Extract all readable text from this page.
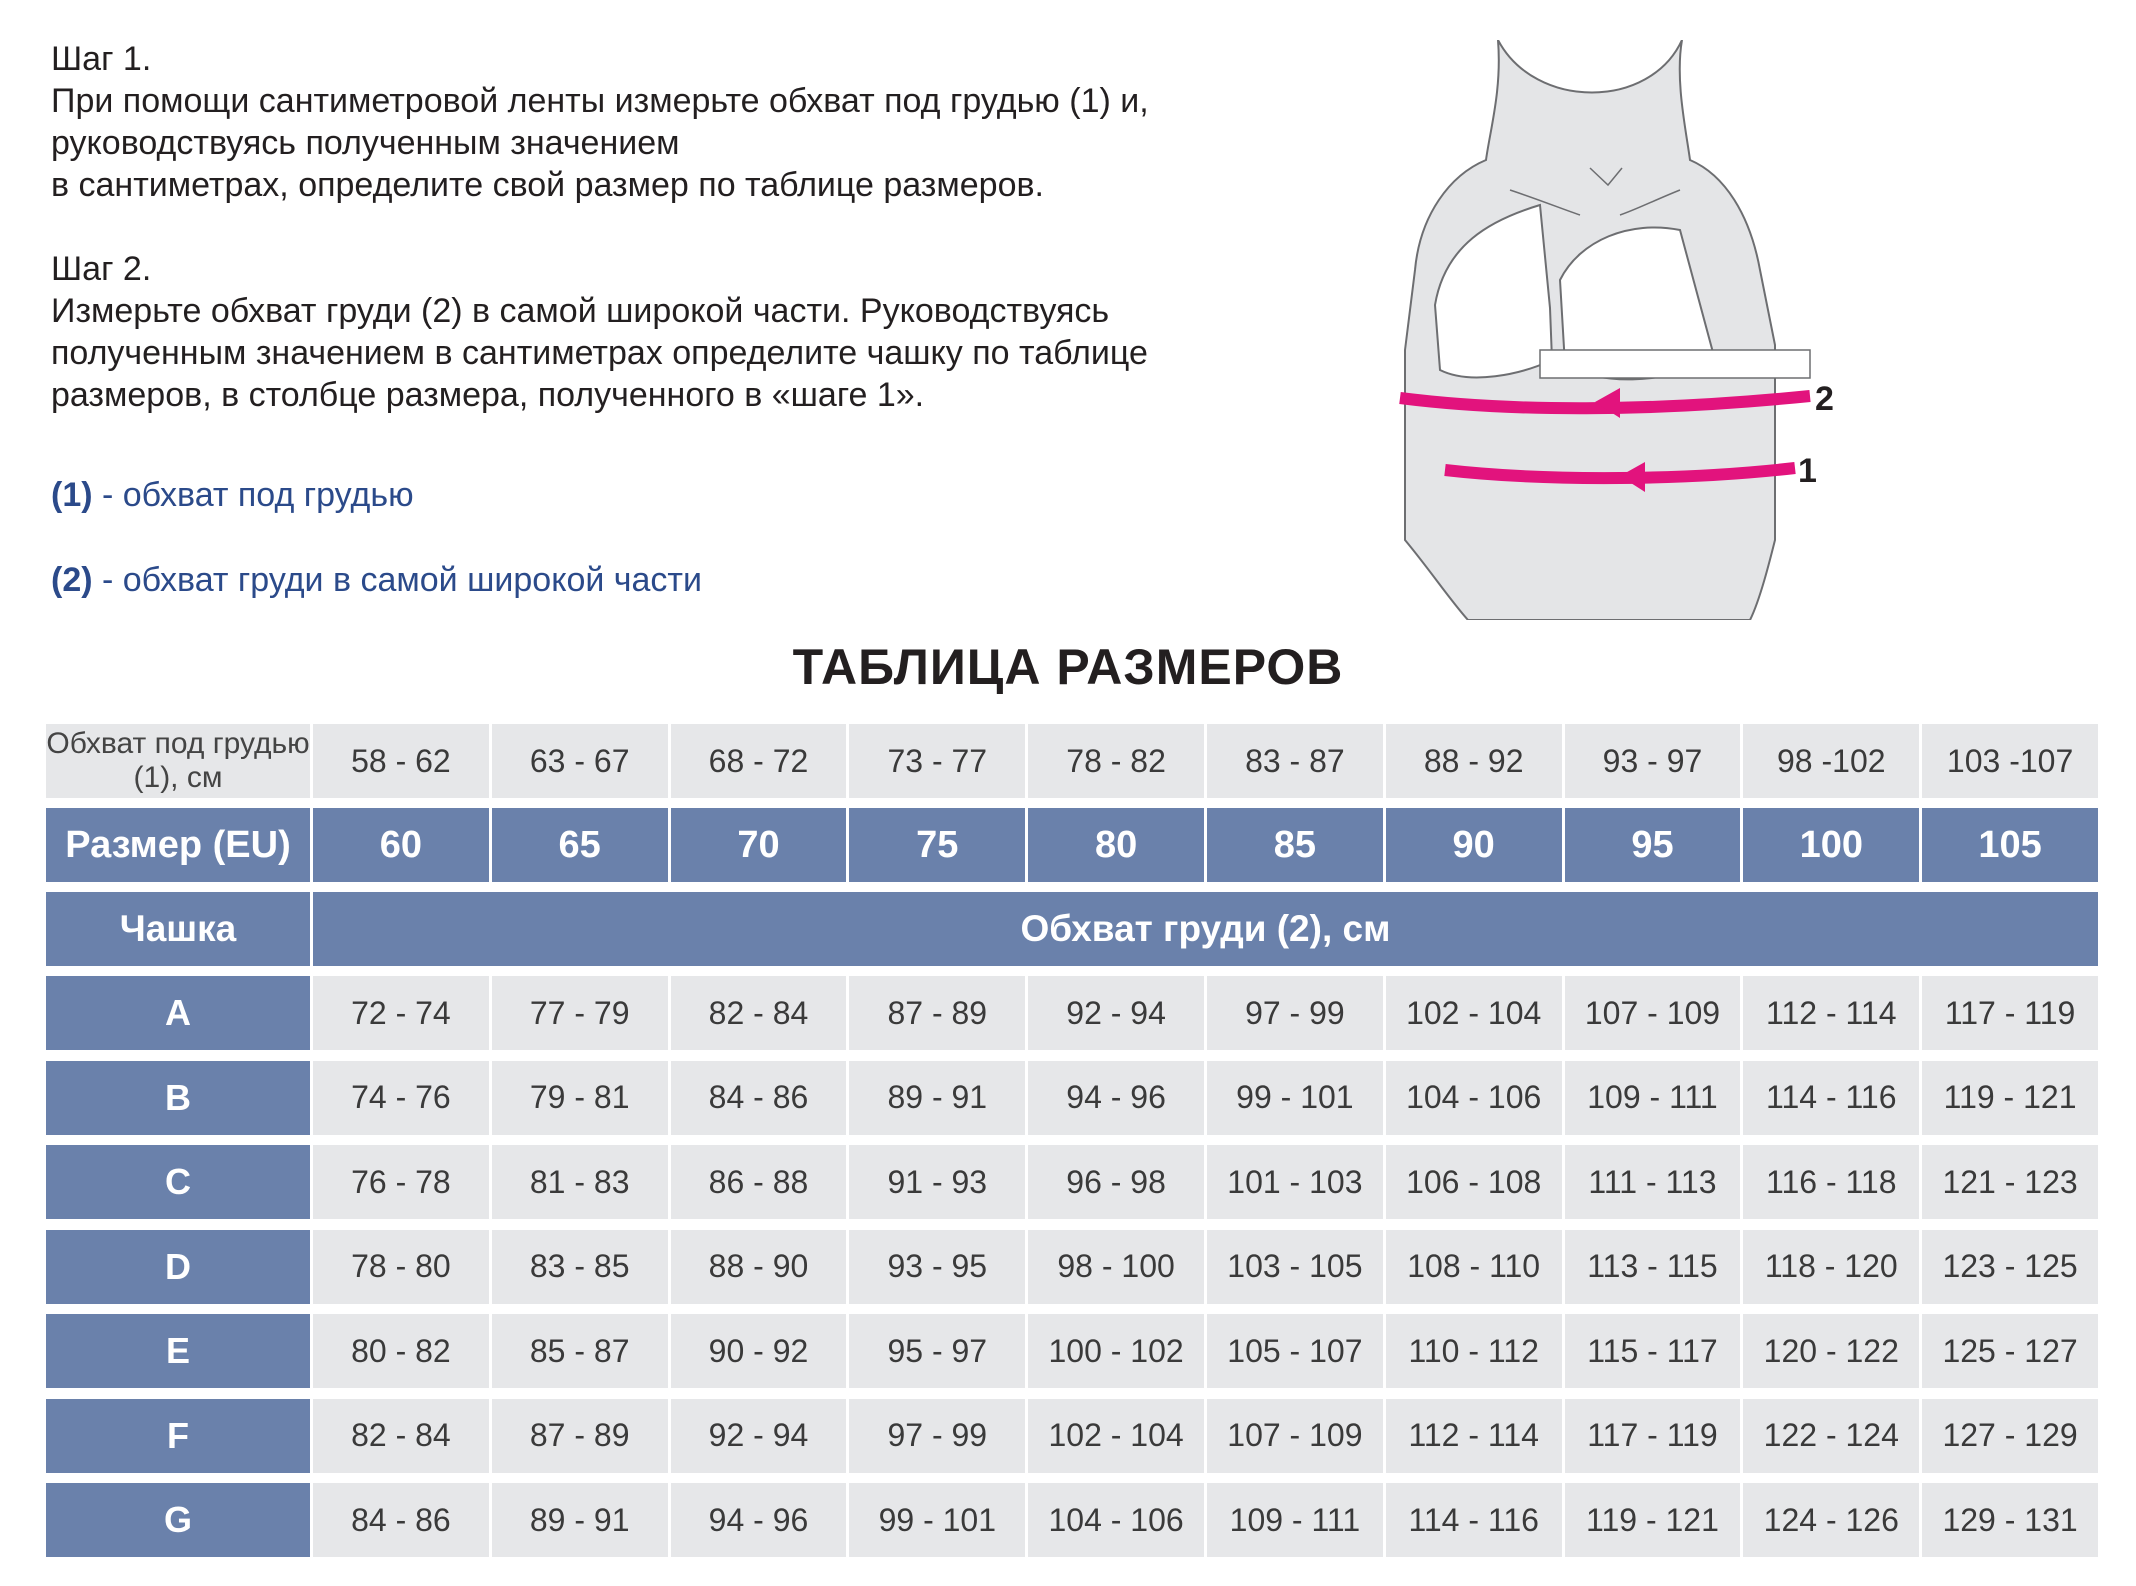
Шаг 1.

При помощи сантиметровой ленты измерьте обхват под грудью (1) и,

руководствуясь полученным значением

в сантиметрах, определите свой размер по таблице размеров.

Шаг 2.

Измерьте обхват груди (2) в самой широкой части. Руководствуясь

полученным значением в сантиметрах определите чашку по таблице

размеров, в столбце размера, полученного в «шаге 1».

(1) - обхват под грудью
(2) - обхват груди в самой широкой части
2
1
ТАБЛИЦА РАЗМЕРОВ
Обхват под грудью (1), см	58 - 62	63 - 67	68 - 72	73 - 77	78 - 82	83 - 87	88 - 92	93 - 97	98 -102	103 -107
Размер (EU)	60	65	70	75	80	85	90	95	100	105
Чашка	Обхват груди (2), см
A	72 - 74	77 - 79	82 - 84	87 - 89	92 - 94	97 - 99	102 - 104	107 - 109	112 - 114	117 - 119
B	74 - 76	79 - 81	84 - 86	89 - 91	94 - 96	99 - 101	104 - 106	109 - 111	114 - 116	119 - 121
C	76 - 78	81 - 83	86 - 88	91 - 93	96 - 98	101 - 103	106 - 108	111 - 113	116 - 118	121 - 123
D	78 - 80	83 - 85	88 - 90	93 - 95	98 - 100	103 - 105	108 - 110	113 - 115	118 - 120	123 - 125
E	80 - 82	85 - 87	90 - 92	95 - 97	100 - 102	105 - 107	110 - 112	115 - 117	120 - 122	125 - 127
F	82 - 84	87 - 89	92 - 94	97 - 99	102 - 104	107 - 109	112 - 114	117 - 119	122 - 124	127 - 129
G	84 - 86	89 - 91	94 - 96	99 - 101	104 - 106	109 - 111	114 - 116	119 - 121	124 - 126	129 - 131
